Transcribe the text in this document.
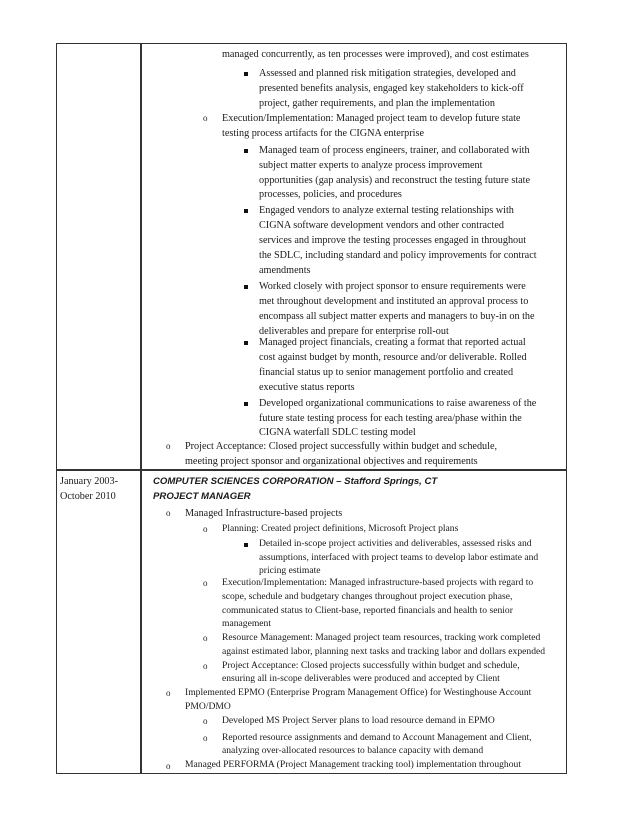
January 2003-
October 2010
managed concurrently, as ten processes were improved), and cost estimates
Assessed and planned risk mitigation strategies, developed and
presented benefits analysis, engaged key stakeholders to kick-off
project, gather requirements, and plan the implementation
o Execution/Implementation: Managed project team to develop future state
testing process artifacts for the CIGNA enterprise
Managed team of process engineers, trainer, and collaborated with
subject matter experts to analyze process improvement
opportunities (gap analysis) and reconstruct the testing future state
processes, policies, and procedures
Engaged vendors to analyze external testing relationships with
CIGNA software development vendors and other contracted
services and improve the testing processes engaged in throughout
the SDLC, including standard and policy improvements for contract
amendments
Worked closely with project sponsor to ensure requirements were
met throughout development and instituted an approval process to
encompass all subject matter experts and managers to buy-in on the
deliverables and prepare for enterprise roll-out
Managed project financials, creating a format that reported actual
cost against budget by month, resource and/or deliverable. Rolled
financial status up to senior management portfolio and created
executive status reports
Developed organizational communications to raise awareness of the
future state testing process for each testing area/phase within the
CIGNA waterfall SDLC testing model
o Project Acceptance: Closed project successfully within budget and schedule,
meeting project sponsor and organizational objectives and requirements
COMPUTER SCIENCES CORPORATION – Stafford Springs, CT
PROJECT MANAGER
o Managed Infrastructure-based projects
o Planning: Created project definitions, Microsoft Project plans
Detailed in-scope project activities and deliverables, assessed risks and
assumptions, interfaced with project teams to develop labor estimate and
pricing estimate
o Execution/Implementation: Managed infrastructure-based projects with regard to
scope, schedule and budgetary changes throughout project execution phase,
communicated status to Client-base, reported financials and health to senior
management
o Resource Management: Managed project team resources, tracking work completed
against estimated labor, planning next tasks and tracking labor and dollars expended
o Project Acceptance: Closed projects successfully within budget and schedule,
ensuring all in-scope deliverables were produced and accepted by Client
o Implemented EPMO (Enterprise Program Management Office) for Westinghouse Account
PMO/DMO
o Developed MS Project Server plans to load resource demand in EPMO
o Reported resource assignments and demand to Account Management and Client,
analyzing over-allocated resources to balance capacity with demand
o Managed PERFORMA (Project Management tracking tool) implementation throughout
